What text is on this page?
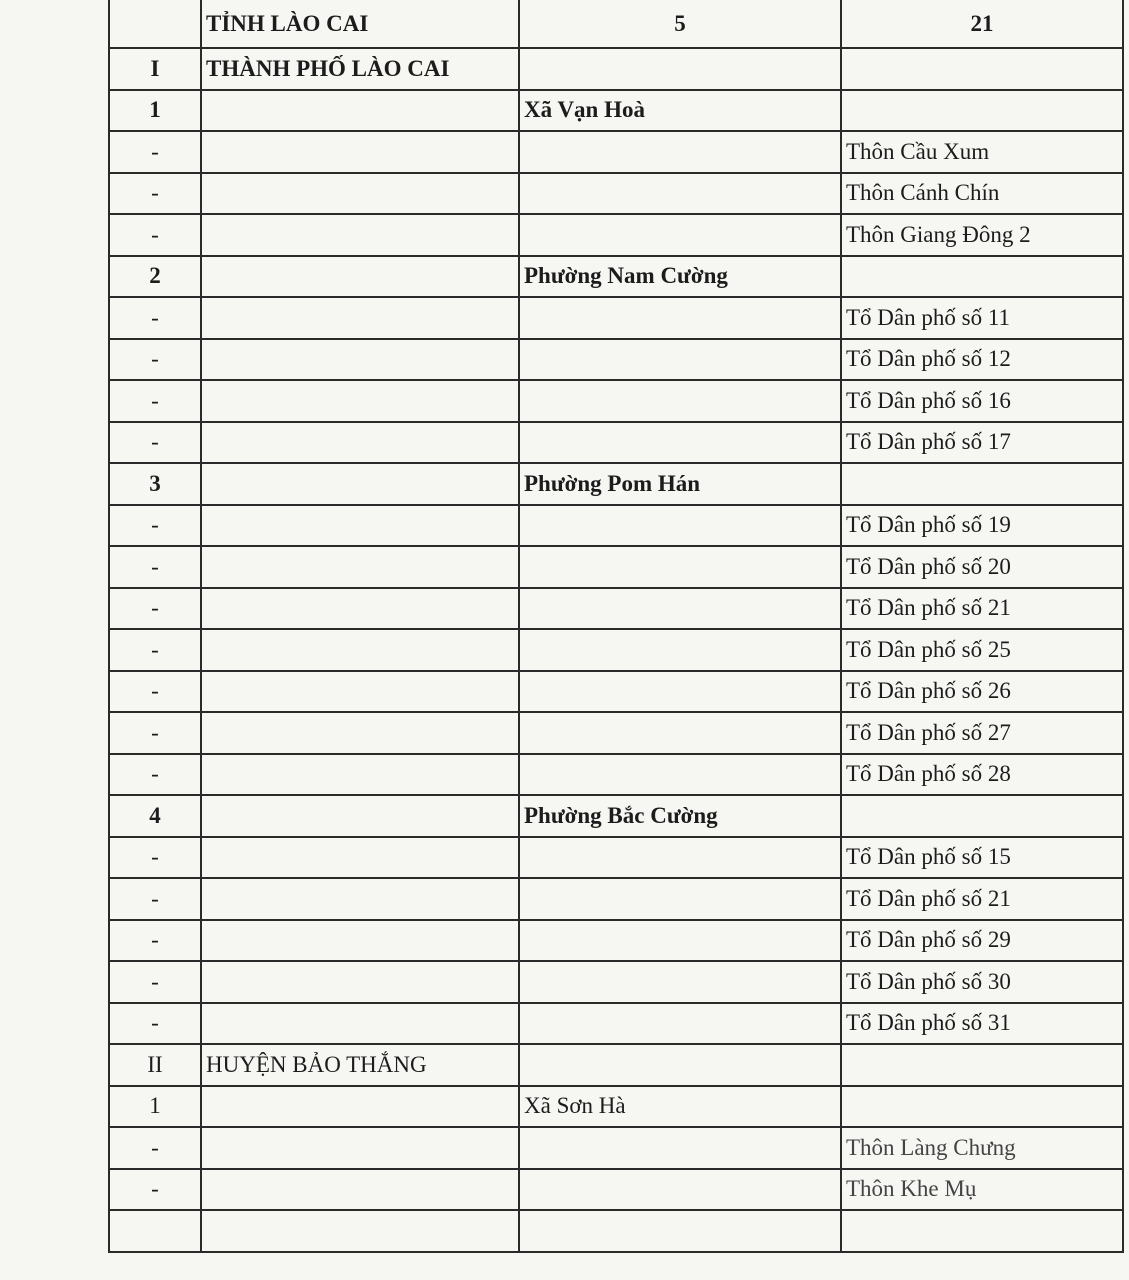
	TỈNH LÀO CAI	5	21
I	THÀNH PHỐ LÀO CAI		
1		Xã Vạn Hoà	
-			Thôn Cầu Xum
-			Thôn Cánh Chín
-			Thôn Giang Đông 2
2		Phường Nam Cường	
-			Tổ Dân phố số 11
-			Tổ Dân phố số 12
-			Tổ Dân phố số 16
-			Tổ Dân phố số 17
3		Phường Pom Hán	
-			Tổ Dân phố số 19
-			Tổ Dân phố số 20
-			Tổ Dân phố số 21
-			Tổ Dân phố số 25
-			Tổ Dân phố số 26
-			Tổ Dân phố số 27
-			Tổ Dân phố số 28
4		Phường Bắc Cường	
-			Tổ Dân phố số 15
-			Tổ Dân phố số 21
-			Tổ Dân phố số 29
-			Tổ Dân phố số 30
-			Tổ Dân phố số 31
II	HUYỆN BẢO THẮNG		
1		Xã Sơn Hà	
-			Thôn Làng Chưng
-			Thôn Khe Mụ
